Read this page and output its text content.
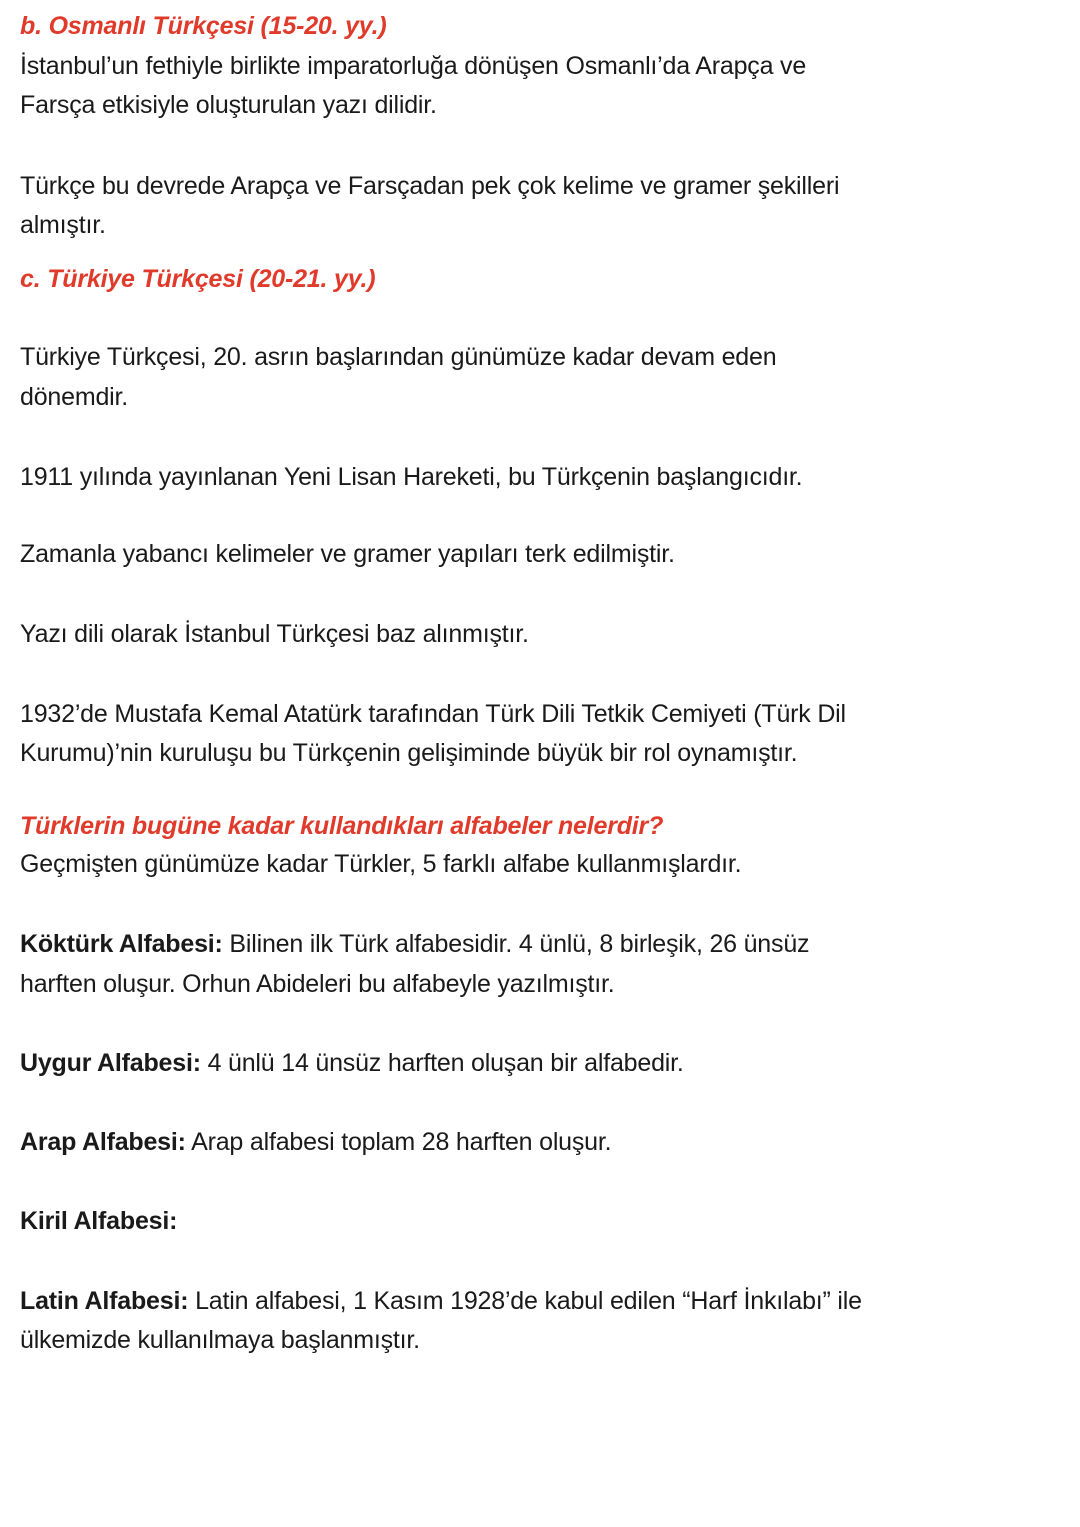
b. Osmanlı Türkçesi (15-20. yy.)
İstanbul’un fethiyle birlikte imparatorluğa dönüşen Osmanlı’da Arapça ve
Farsça etkisiyle oluşturulan yazı dilidir.
Türkçe bu devrede Arapça ve Farsçadan pek çok kelime ve gramer şekilleri
almıştır.
c. Türkiye Türkçesi (20-21. yy.)
Türkiye Türkçesi, 20. asrın başlarından günümüze kadar devam eden
dönemdir.
1911 yılında yayınlanan Yeni Lisan Hareketi, bu Türkçenin başlangıcıdır.
Zamanla yabancı kelimeler ve gramer yapıları terk edilmiştir.
Yazı dili olarak İstanbul Türkçesi baz alınmıştır.
1932’de Mustafa Kemal Atatürk tarafından Türk Dili Tetkik Cemiyeti (Türk Dil
Kurumu)’nin kuruluşu bu Türkçenin gelişiminde büyük bir rol oynamıştır.
Türklerin bugüne kadar kullandıkları alfabeler nelerdir?
Geçmişten günümüze kadar Türkler, 5 farklı alfabe kullanmışlardır.
Köktürk Alfabesi: Bilinen ilk Türk alfabesidir. 4 ünlü, 8 birleşik, 26 ünsüz
harften oluşur. Orhun Abideleri bu alfabeyle yazılmıştır.
Uygur Alfabesi: 4 ünlü 14 ünsüz harften oluşan bir alfabedir.
Arap Alfabesi: Arap alfabesi toplam 28 harften oluşur.
Kiril Alfabesi:
Latin Alfabesi: Latin alfabesi, 1 Kasım 1928’de kabul edilen “Harf İnkılabı” ile
ülkemizde kullanılmaya başlanmıştır.
